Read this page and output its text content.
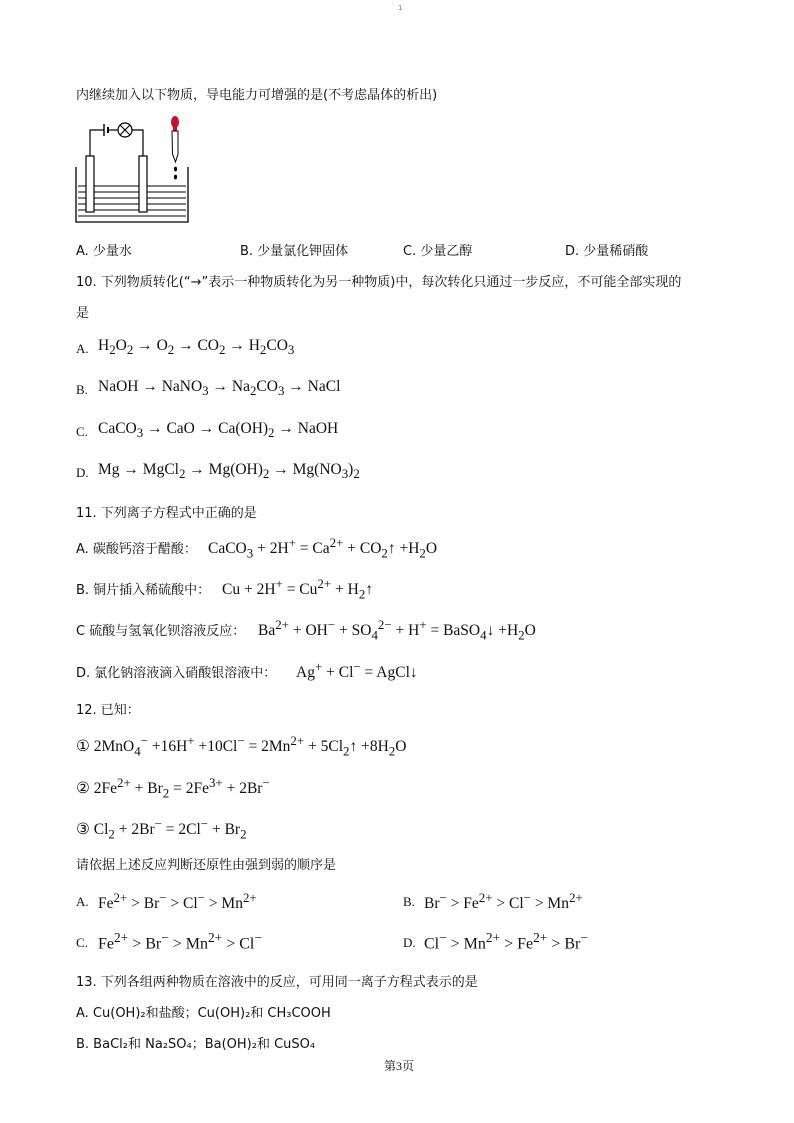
1
内继续加入以下物质，导电能力可增强的是(不考虑晶体的析出)
A. 少量水	B. 少量氯化钾固体	C. 少量乙醇	D. 少量稀硝酸
10. 下列物质转化(“→”表示一种物质转化为另一种物质)中，每次转化只通过一步反应，不可能全部实现的
是
A. $H_2O_2 \to O_2 \to CO_2 \to H_2CO_3$
B. NaOH → NaNO$_3$ → $Na_2CO_3$ → NaCl
C. CaCO$_3$ → CaO → $Ca(OH)_2$ → NaOH
D. Mg → MgCl$_2$ → $Mg(OH)_2 \to Mg(NO_3)_2$
11. 下列离子方程式中正确的是
A. 碳酸钙溶于醋酸： CaCO$_3$ + $2H^+ = Ca^{2+}$ + $CO_2↑ +H_2O$
B. 铜片插入稀硫酸中： $Cu + 2H^+ = Cu^{2+}$ + $H_2↑$
C 硫酸与氢氧化钡溶液反应： $Ba^{2+} + OH^- + SO_4^{2-} + H^+$ = BaSO$_4$↓ $+H_2O$
D. 氯化钠溶液滴入硝酸银溶液中： Ag+ + Cl− = AgCl↓
12. 已知：
① $2MnO_4^- +16H^+ +10Cl^- = 2Mn^{2+}$ + $5Cl_2↑ +8H_2O$
② $2Fe^{2+} + Br_2 = 2Fe^{3+} + 2Br^-$
③ $Cl_2 + 2Br^- = 2Cl^- + Br_2$
请依据上述反应判断还原性由强到弱的顺序是
A. $Fe^{2+} > Br^- > Cl^- > Mn^{2+}$	B. $Br^- > Fe^{2+} > Cl^- > Mn^{2+}$
C. $Fe^{2+} > Br^- > Mn^{2+} > Cl^-$	D. $Cl^- > Mn^{2+} > Fe^{2+} > Br^-$
13. 下列各组两种物质在溶液中的反应，可用同一离子方程式表示的是
A. Cu(OH)₂和盐酸；Cu(OH)₂和 CH₃COOH
B. BaCl₂和 Na₂SO₄；Ba(OH)₂和 CuSO₄
第3页
